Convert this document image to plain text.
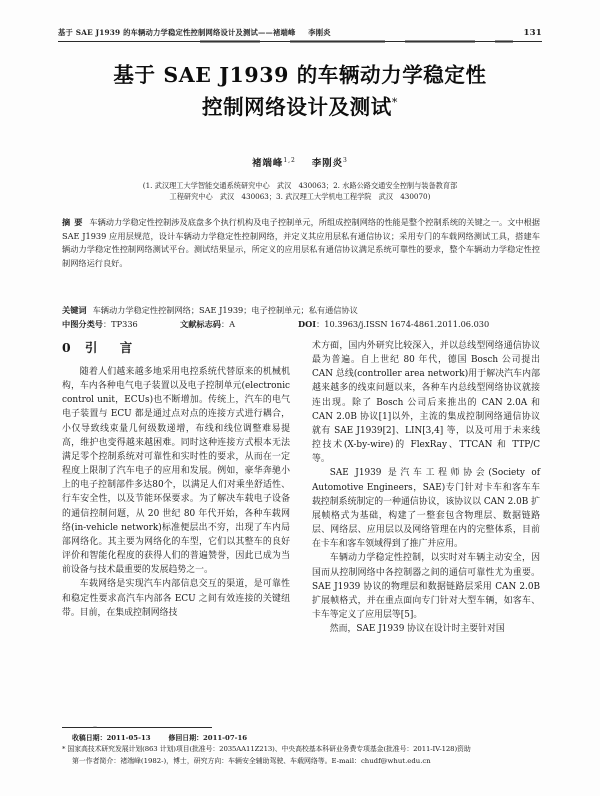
基于 SAE J1939 的车辆动力学稳定性控制网络设计及测试——褚端峰 李刚炎	131
基于 SAE J1939 的车辆动力学稳定性
控制网络设计及测试*
褚端峰$^{1,2}$ 李刚炎$^3$
(1. 武汉理工大学智能交通系统研究中心　武汉　430063；2. 水路公路交通安全控制与装备教育部
工程研究中心　武汉　430063；3. 武汉理工大学机电工程学院　武汉　430070)
摘要 车辆动力学稳定性控制涉及底盘多个执行机构及电子控制单元，所组成控制网络的性能是整个控制系统的关键之一。文中根据 SAE J1939 应用层规范，设计车辆动力学稳定性控制网络，并定义其应用层私有通信协议；采用专门的车载网络测试工具，搭建车辆动力学稳定性控制网络测试平台。测试结果显示，所定义的应用层私有通信协议满足系统可靠性的要求，整个车辆动力学稳定性控制网络运行良好。
关键词 车辆动力学稳定性控制网络；SAE J1939；电子控制单元；私有通信协议
中图分类号：TP336	文献标志码：A	DOI：10.3963/j.ISSN 1674-4861.2011.06.030
0 引　言

随着人们越来越多地采用电控系统代替原来的机械机构，车内各种电气电子装置以及电子控制单元(electronic control unit，ECUs)也不断增加。传统上，汽车的电气电子装置与 ECU 都是通过点对点的连接方式进行耦合，小仅导致线束量几何级数递增，布线和线位调整难易提高，维护也变得越来越困难。同时这种连接方式根本无法满足零个控制系统对可靠性和实时性的要求，从而在一定程度上限制了汽车电子的应用和发展。例如，豪华奔驰小上的电子控制部件多达80个，以满足人们对乘坐舒适性、行车安全性，以及节能环保要求。为了解决车载电子设备的通信控制问题，从 20 世纪 80 年代开始，各种车载网络(in-vehicle network)标准便层出不穷，出现了车内局部网络化。其主要为网络化的车型，它们以其整车的良好评价和智能化程度的获得人们的普遍赞誉，因此已成为当前设备与技术最重要的发展趋势之一。

车载网络是实现汽车内部信息交互的渠道，是可靠性和稳定性要求高汽车内部各 ECU 之间有效连接的关键纽带。目前，在集成控制网络技

术方面，国内外研究比较深入，并以总线型网络通信协议最为普遍。自上世纪 80 年代，德国 Bosch 公司提出 CAN 总线(controller area network)用于解决汽车内部越来越多的线束问题以来，各种车内总线型网络协议就接连出现。除了 Bosch 公司后来推出的 CAN 2.0A 和 CAN 2.0B 协议[1]以外，主流的集成控制网络通信协议就有 SAE J1939[2]、LIN[3,4] 等，以及可用于未来线控技术(X-by-wire)的 FlexRay、TTCAN 和 TTP/C 等。

SAE J1939 是汽车工程师协会(Society of Automotive Engineers，SAE)专门针对卡车和客车车载控制系统制定的一种通信协议，该协议以 CAN 2.0B 扩展帧格式为基础，构建了一整套包含物理层、数据链路层、网络层、应用层以及网络管理在内的完整体系，目前在卡车和客车领域得到了推广并应用。

车辆动力学稳定性控制，以实时对车辆主动安全，因国而从控制网络中各控制器之间的通信可靠性尤为重要。SAE J1939 协议的物理层和数据链路层采用 CAN 2.0B 扩展帧格式，并在重点面向专门针对大型车辆，如客车、卡车等定义了应用层等[5]。

然而，SAE J1939 协议在设计时主要针对国

收稿日期：2011-05-13	修回日期：2011-07-16
* 国家高技术研究发展计划(863 计划)项目(批准号：2035AA11Z213)、中央高校基本科研业务费专项基金(批准号：2011-IV-128)资助
第一作者简介：褚端峰(1982-)，博士，研究方向：车辆安全辅助驾驶、车载网络等。E-mail：chudf@whut.edu.cn
